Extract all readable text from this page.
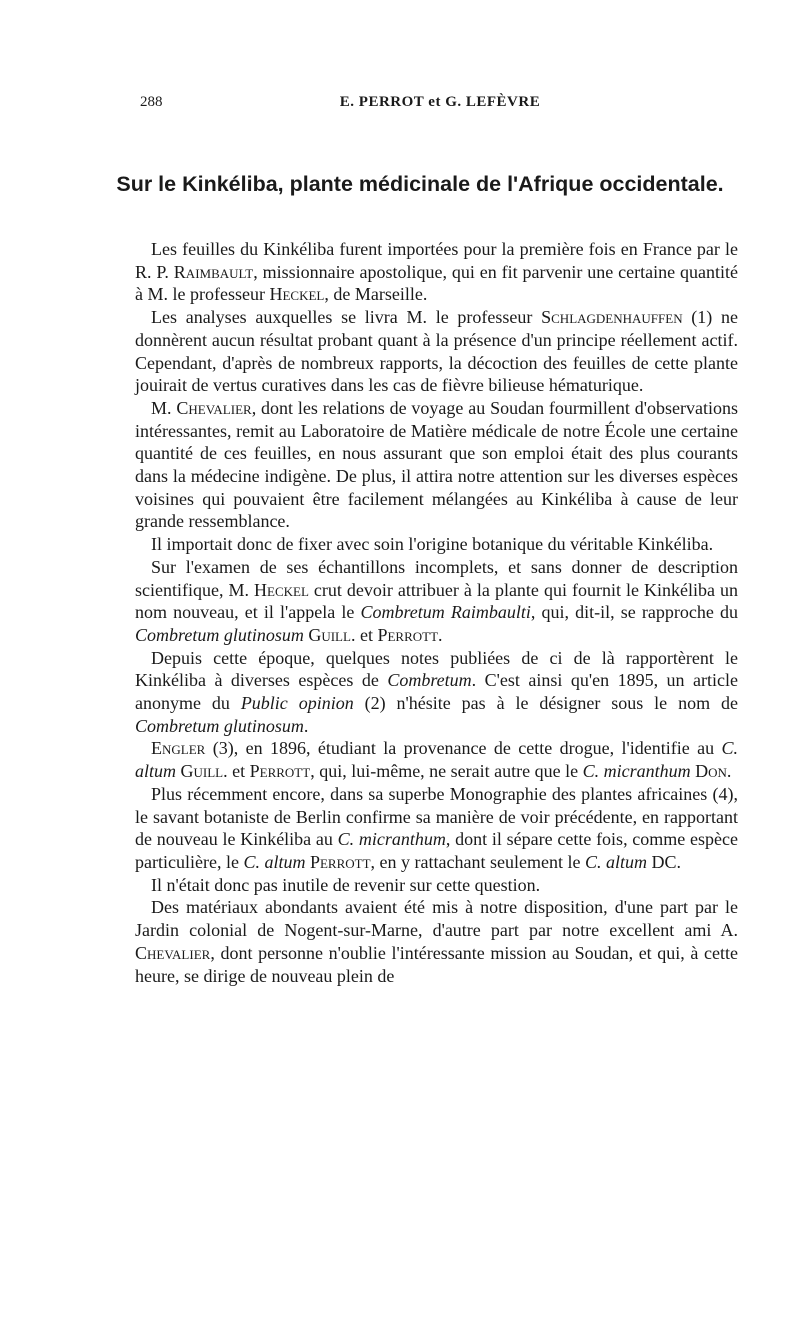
288	E. PERROT et G. LEFÈVRE
Sur le Kinkéliba, plante médicinale de l'Afrique occidentale.

Les feuilles du Kinkéliba furent importées pour la première fois en France par le R. P. Raimbault, missionnaire apostolique, qui en fit parvenir une certaine quantité à M. le professeur Heckel, de Marseille.

Les analyses auxquelles se livra M. le professeur Schlagdenhauffen (1) ne donnèrent aucun résultat probant quant à la présence d'un principe réellement actif. Cependant, d'après de nombreux rapports, la décoction des feuilles de cette plante jouirait de vertus curatives dans les cas de fièvre bilieuse hématurique.

M. Chevalier, dont les relations de voyage au Soudan fourmillent d'observations intéressantes, remit au Laboratoire de Matière médicale de notre École une certaine quantité de ces feuilles, en nous assurant que son emploi était des plus courants dans la médecine indigène. De plus, il attira notre attention sur les diverses espèces voisines qui pouvaient être facilement mélangées au Kinkéliba à cause de leur grande ressemblance.

Il importait donc de fixer avec soin l'origine botanique du véritable Kinkéliba.

Sur l'examen de ses échantillons incomplets, et sans donner de description scientifique, M. Heckel crut devoir attribuer à la plante qui fournit le Kinkéliba un nom nouveau, et il l'appela le Combretum Raimbaulti, qui, dit-il, se rapproche du Combretum glutinosum Guill. et Perrott.

Depuis cette époque, quelques notes publiées de ci de là rapportèrent le Kinkéliba à diverses espèces de Combretum. C'est ainsi qu'en 1895, un article anonyme du Public opinion (2) n'hésite pas à le désigner sous le nom de Combretum glutinosum.

Engler (3), en 1896, étudiant la provenance de cette drogue, l'identifie au C. altum Guill. et Perrott, qui, lui-même, ne serait autre que le C. micranthum Don.

Plus récemment encore, dans sa superbe Monographie des plantes africaines (4), le savant botaniste de Berlin confirme sa manière de voir précédente, en rapportant de nouveau le Kinkéliba au C. micranthum, dont il sépare cette fois, comme espèce particulière, le C. altum Perrott, en y rattachant seulement le C. altum DC.

Il n'était donc pas inutile de revenir sur cette question.

Des matériaux abondants avaient été mis à notre disposition, d'une part par le Jardin colonial de Nogent-sur-Marne, d'autre part par notre excellent ami A. Chevalier, dont personne n'oublie l'intéressante mission au Soudan, et qui, à cette heure, se dirige de nouveau plein de
